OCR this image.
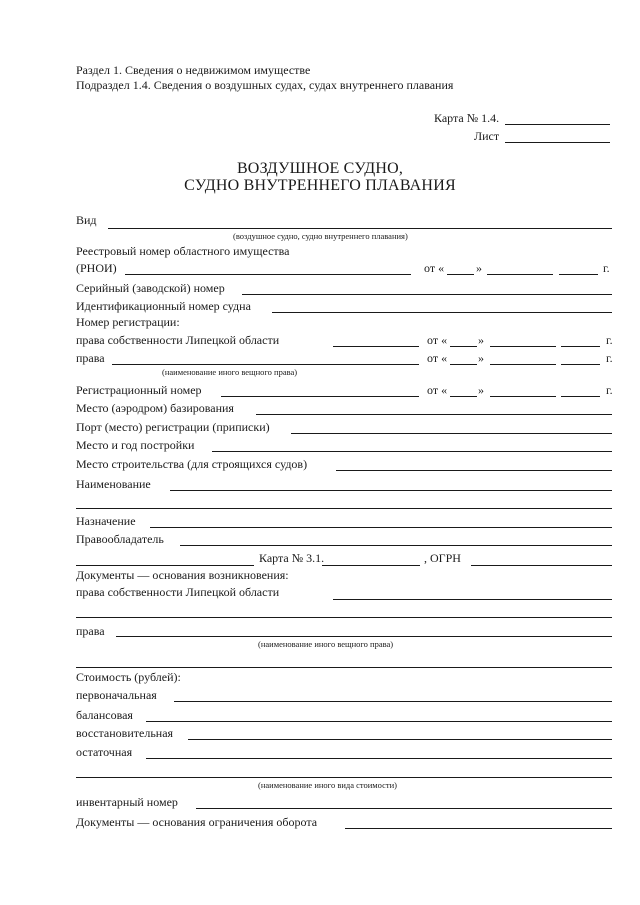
Раздел 1. Сведения о недвижимом имуществе
Подраздел 1.4. Сведения о воздушных судах, судах внутреннего плавания
Карта № 1.4.
Лист
ВОЗДУШНОЕ СУДНО,
СУДНО ВНУТРЕННЕГО ПЛАВАНИЯ
Вид
(воздушное судно, судно внутреннего плавания)
Реестровый номер областного имущества
(РНОИ)	от «	»	г.
Серийный (заводской) номер
Идентификационный номер судна
Номер регистрации:
права собственности Липецкой области	от «	»	г.
права	от «	»	г.
(наименование иного вещного права)
Регистрационный номер	от «	»	г.
Место (аэродром) базирования
Порт (место) регистрации (приписки)
Место и год постройки
Место строительства (для строящихся судов)
Наименование
Назначение
Правообладатель
Карта № 3.1.	, ОГРН
Документы — основания возникновения:
права собственности Липецкой области
права
(наименование иного вещного права)
Стоимость (рублей):
первоначальная
балансовая
восстановительная
остаточная
(наименование иного вида стоимости)
инвентарный номер
Документы — основания ограничения оборота
